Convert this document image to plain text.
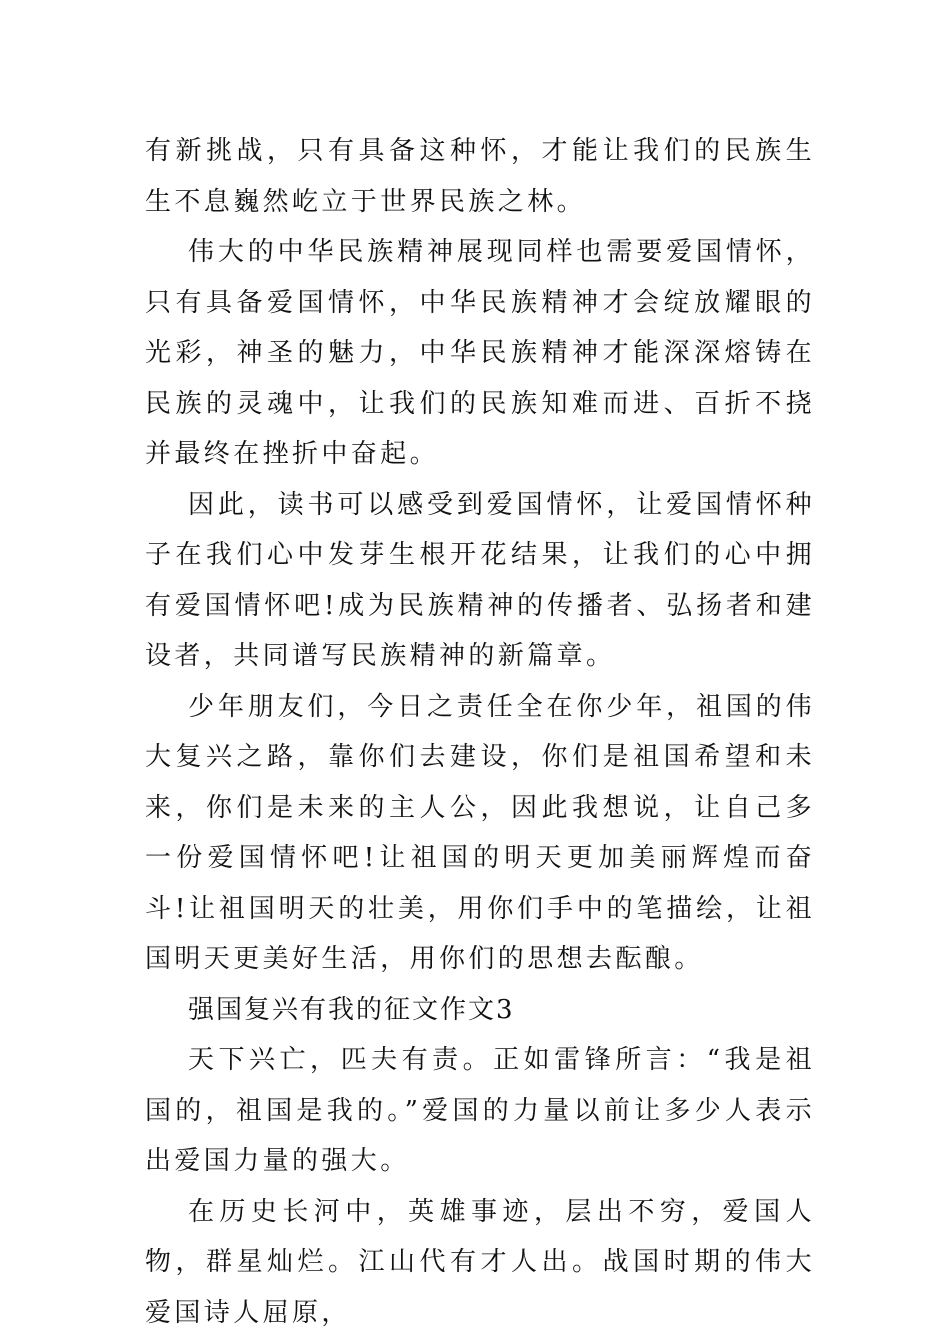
有新挑战，只有具备这种怀，才能让我们的民族生生不息巍然屹立于世界民族之林。

伟大的中华民族精神展现同样也需要爱国情怀，只有具备爱国情怀，中华民族精神才会绽放耀眼的光彩，神圣的魅力，中华民族精神才能深深熔铸在民族的灵魂中，让我们的民族知难而进、百折不挠并最终在挫折中奋起。

因此，读书可以感受到爱国情怀，让爱国情怀种子在我们心中发芽生根开花结果，让我们的心中拥有爱国情怀吧!成为民族精神的传播者、弘扬者和建设者，共同谱写民族精神的新篇章。

少年朋友们，今日之责任全在你少年，祖国的伟大复兴之路，靠你们去建设，你们是祖国希望和未来，你们是未来的主人公，因此我想说，让自己多一份爱国情怀吧!让祖国的明天更加美丽辉煌而奋斗!让祖国明天的壮美，用你们手中的笔描绘，让祖国明天更美好生活，用你们的思想去酝酿。

强国复兴有我的征文作文3

天下兴亡，匹夫有责。正如雷锋所言：“我是祖国的，祖国是我的。”爱国的力量以前让多少人表示出爱国力量的强大。

在历史长河中，英雄事迹，层出不穷，爱国人物，群星灿烂。江山代有才人出。战国时期的伟大爱国诗人屈原，
